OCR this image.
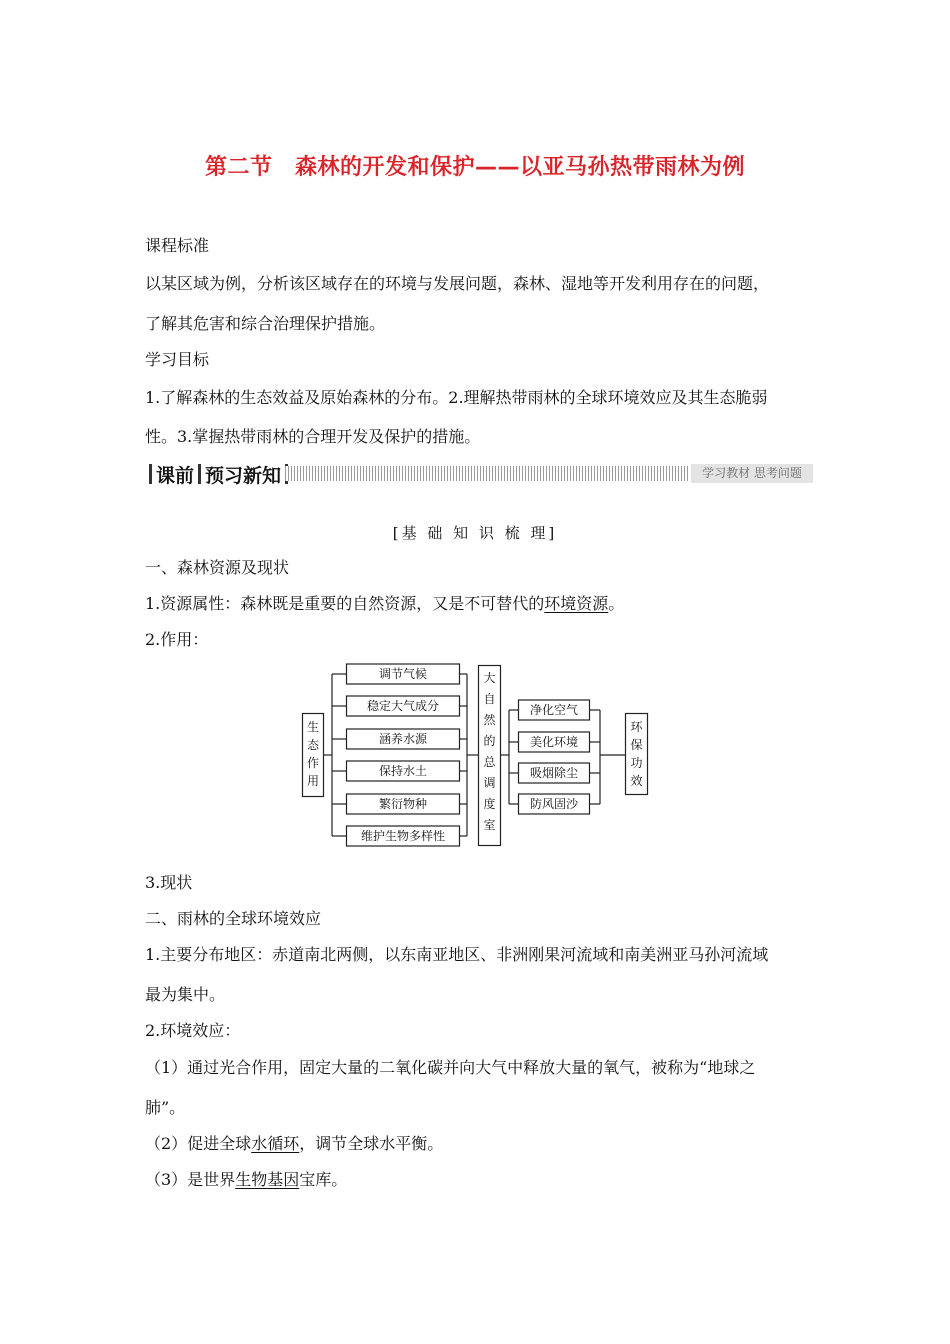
第二节　森林的开发和保护——以亚马孙热带雨林为例
课程标准
以某区域为例，分析该区域存在的环境与发展问题，森林、湿地等开发利用存在的问题，
了解其危害和综合治理保护措施。
学习目标
1.了解森林的生态效益及原始森林的分布。2.理解热带雨林的全球环境效应及其生态脆弱
性。3.掌握热带雨林的合理开发及保护的措施。
课前 预习新知	学习教材 思考问题
[基 础 知 识 梳 理]
一、森林资源及现状
1.资源属性：森林既是重要的自然资源，又是不可替代的环境资源。
2.作用：
调节气候
稳定大气成分
涵养水源
保持水土
繁衍物种
维护生物多样性
净化空气
美化环境
吸烟除尘
防风固沙
生
态
作
用
大
自
然
的
总
调
度
室
环
保
功
效
3.现状
二、雨林的全球环境效应
1.主要分布地区：赤道南北两侧，以东南亚地区、非洲刚果河流域和南美洲亚马孙河流域
最为集中。
2.环境效应：
（1）通过光合作用，固定大量的二氧化碳并向大气中释放大量的氧气，被称为“地球之
肺”。
（2）促进全球水循环，调节全球水平衡。
（3）是世界生物基因宝库。
